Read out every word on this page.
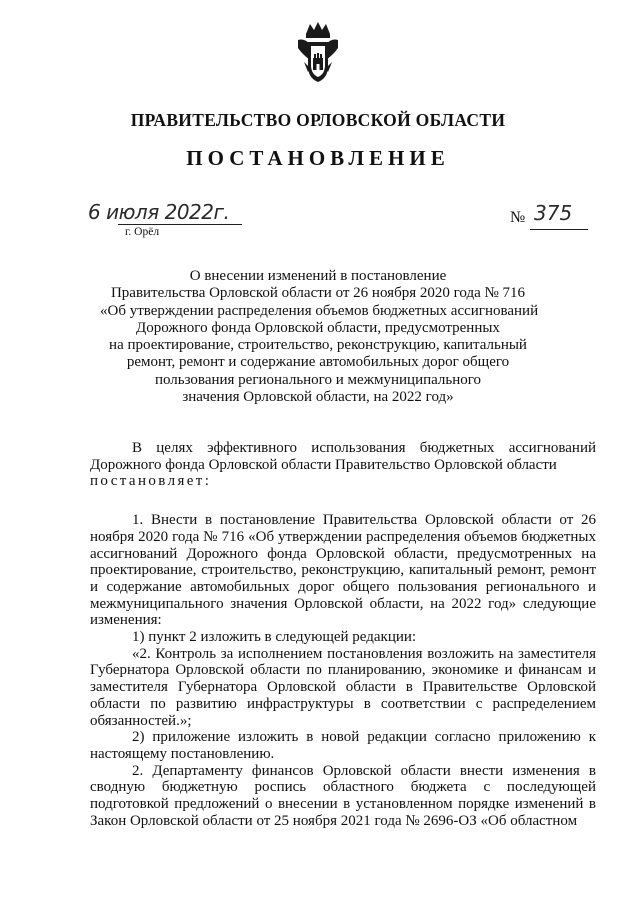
ПРАВИТЕЛЬСТВО ОРЛОВСКОЙ ОБЛАСТИ
ПОСТАНОВЛЕНИЕ
6 июля 2022г.
г. Орёл
№ 375
О внесении изменений в постановление
Правительства Орловской области от 26 ноября 2020 года № 716
«Об утверждении распределения объемов бюджетных ассигнований
Дорожного фонда Орловской области, предусмотренных
на проектирование, строительство, реконструкцию, капитальный
ремонт, ремонт и содержание автомобильных дорог общего
пользования регионального и межмуниципального
значения Орловской области, на 2022 год»

В целях эффективного использования бюджетных ассигнований Дорожного фонда Орловской области Правительство Орловской области

постановляет:

1. Внести в постановление Правительства Орловской области от 26 ноября 2020 года № 716 «Об утверждении распределения объемов бюджетных ассигнований Дорожного фонда Орловской области, предусмотренных на проектирование, строительство, реконструкцию, капитальный ремонт, ремонт и содержание автомобильных дорог общего пользования регионального и межмуниципального значения Орловской области, на 2022 год» следующие изменения:

1) пункт 2 изложить в следующей редакции:

«2. Контроль за исполнением постановления возложить на заместителя Губернатора Орловской области по планированию, экономике и финансам и заместителя Губернатора Орловской области в Правительстве Орловской области по развитию инфраструктуры в соответствии с распределением обязанностей.»;

2) приложение изложить в новой редакции согласно приложению к настоящему постановлению.

2. Департаменту финансов Орловской области внести изменения в сводную бюджетную роспись областного бюджета с последующей подготовкой предложений о внесении в установленном порядке изменений в Закон Орловской области от 25 ноября 2021 года № 2696-ОЗ «Об областном
